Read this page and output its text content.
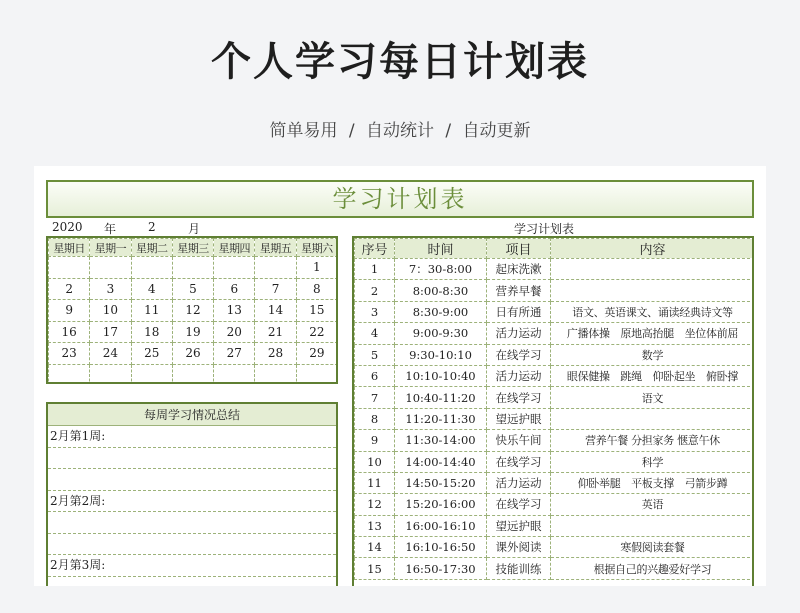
个人学习每日计划表
简单易用 / 自动统计 / 自动更新
学习计划表
2020 年	2	月	学习计划表
星期日	星期一	星期二	星期三	星期四	星期五	星期六
						1
2	3	4	5	6	7	8
9	10	11	12	13	14	15
16	17	18	19	20	21	22
23	24	25	26	27	28	29

每周学习情况总结
2月第1周:
2月第2周:
2月第3周:
序号	时间	项目	内容
1	7：30-8:00	起床洗漱	
2	8:00-8:30	营养早餐	
3	8:30-9:00	日有所通	语文、英语课文、诵读经典诗文等
4	9:00-9:30	活力运动	广播体操　原地高抬腿　坐位体前屈
5	9:30-10:10	在线学习	数学
6	10:10-10:40	活力运动	眼保健操　跳绳　仰卧起坐　俯卧撑
7	10:40-11:20	在线学习	语文
8	11:20-11:30	望远护眼	
9	11:30-14:00	快乐午间	营养午餐 分担家务 惬意午休
10	14:00-14:40	在线学习	科学
11	14:50-15:20	活力运动	仰卧举腿　平板支撑　弓箭步蹲
12	15:20-16:00	在线学习	英语
13	16:00-16:10	望远护眼	
14	16:10-16:50	课外阅读	寒假阅读套餐
15	16:50-17:30	技能训练	根据自己的兴趣爱好学习
